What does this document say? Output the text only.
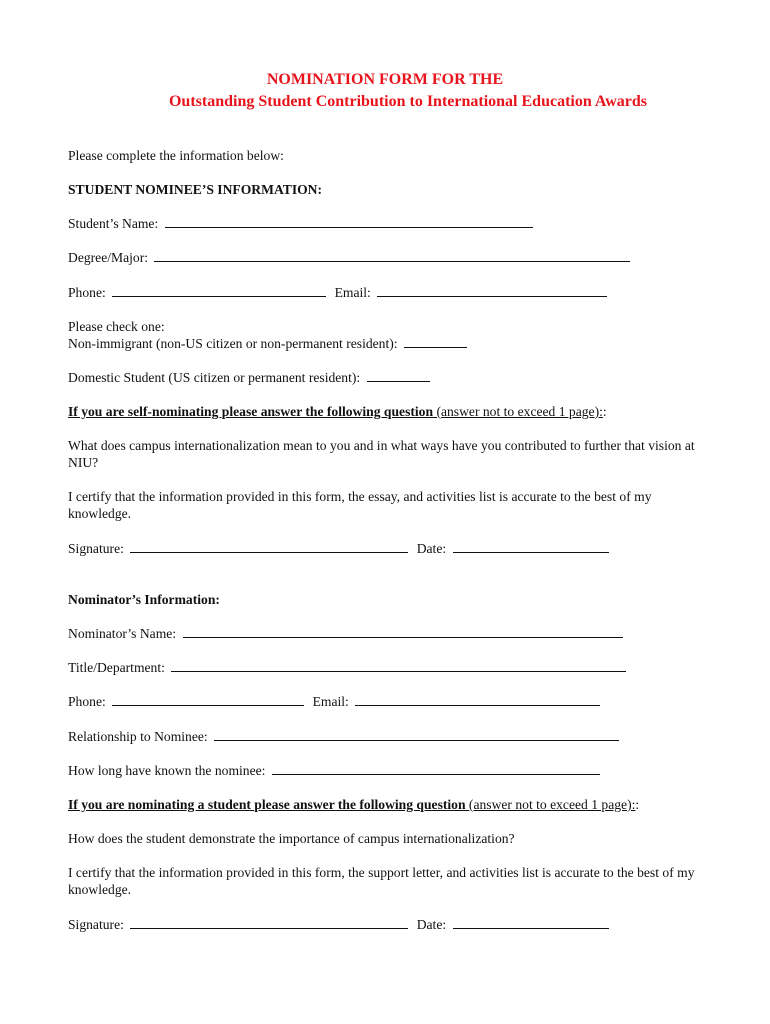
NOMINATION FORM FOR THE
Outstanding Student Contribution to International Education Awards
Please complete the information below:
STUDENT NOMINEE’S INFORMATION:
Student’s Name:
Degree/Major:
Phone:	Email:
Please check one:
Non-immigrant (non-US citizen or non-permanent resident):
Domestic Student (US citizen or permanent resident):
If you are self-nominating please answer the following question (answer not to exceed 1 page)::
What does campus internationalization mean to you and in what ways have you contributed to further that vision at NIU?
I certify that the information provided in this form, the essay, and activities list is accurate to the best of my knowledge.
Signature:	Date:
Nominator’s Information:
Nominator’s Name:
Title/Department:
Phone:	Email:
Relationship to Nominee:
How long have known the nominee:
If you are nominating a student please answer the following question (answer not to exceed 1 page)::
How does the student demonstrate the importance of campus internationalization?
I certify that the information provided in this form, the support letter, and activities list is accurate to the best of my knowledge.
Signature:	Date:
